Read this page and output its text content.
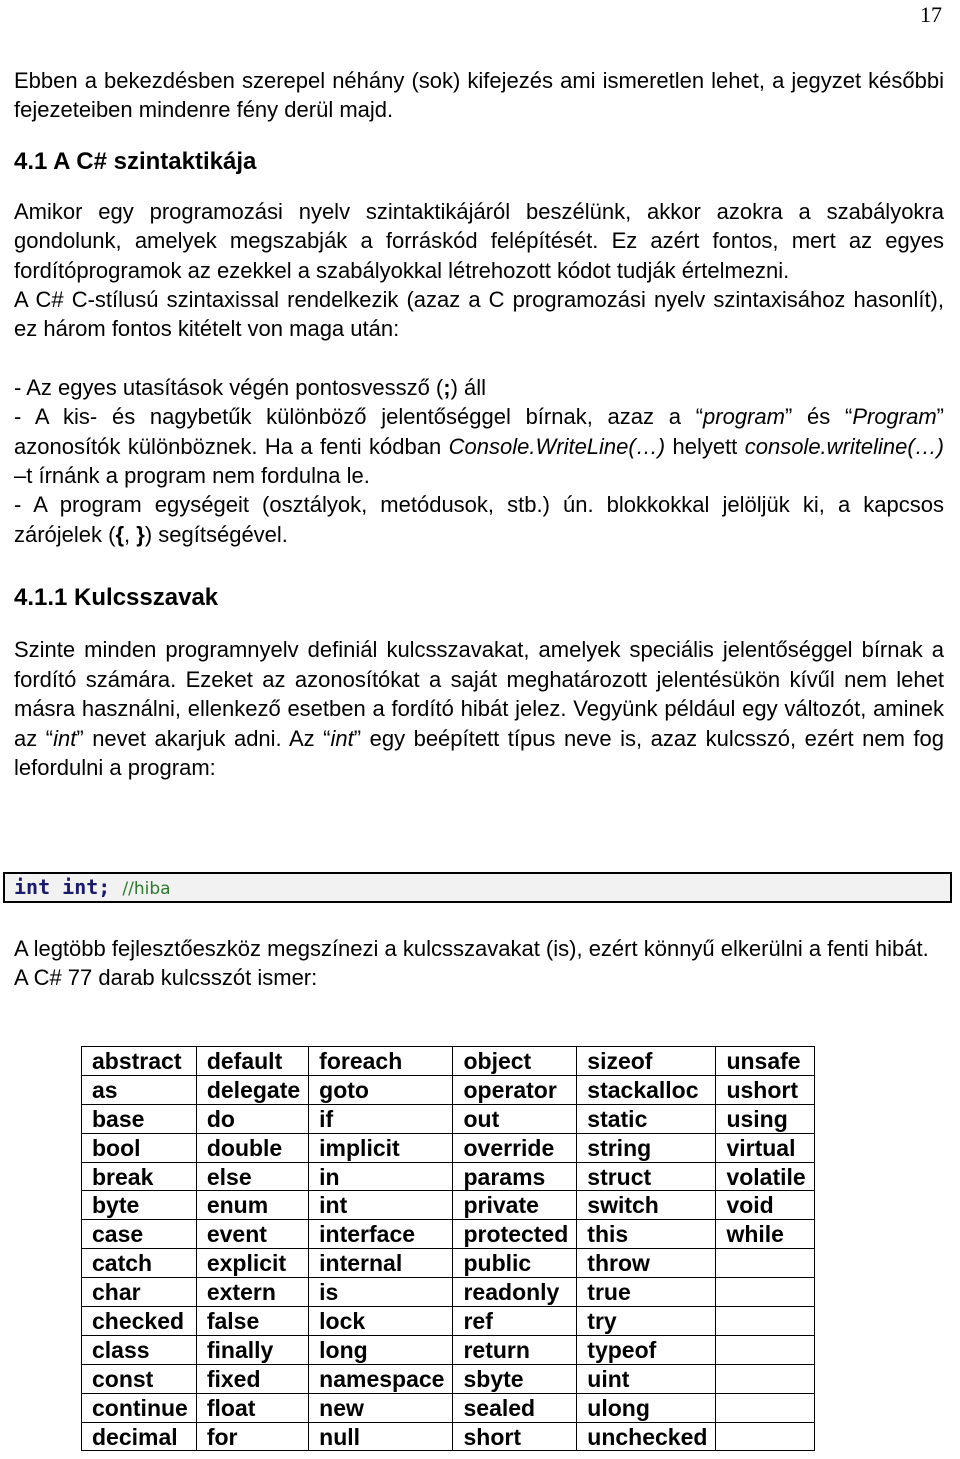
17

Ebben a bekezdésben szerepel néhány (sok) kifejezés ami ismeretlen lehet, a jegyzet későbbi fejezeteiben mindenre fény derül majd.

4.1 A C# szintaktikája

Amikor egy programozási nyelv szintaktikájáról beszélünk, akkor azokra a szabályokra gondolunk, amelyek megszabják a forráskód felépítését. Ez azért fontos, mert az egyes fordítóprogramok az ezekkel a szabályokkal létrehozott kódot tudják értelmezni.

A C# C-stílusú szintaxissal rendelkezik (azaz a C programozási nyelv szintaxisához hasonlít), ez három fontos kitételt von maga után:

- Az egyes utasítások végén pontosvessző (;) áll

- A kis- és nagybetűk különböző jelentőséggel bírnak, azaz a “program” és “Program” azonosítók különböznek. Ha a fenti kódban Console.WriteLine(…) helyett console.writeline(…) –t írnánk a program nem fordulna le.

- A program egységeit (osztályok, metódusok, stb.) ún. blokkokkal jelöljük ki, a kapcsos zárójelek ({, }) segítségével.

4.1.1 Kulcsszavak

Szinte minden programnyelv definiál kulcsszavakat, amelyek speciális jelentőséggel bírnak a fordító számára. Ezeket az azonosítókat a saját meghatározott jelentésükön kívűl nem lehet másra használni, ellenkező esetben a fordító hibát jelez. Vegyünk például egy változót, aminek az “int” nevet akarjuk adni. Az “int” egy beépített típus neve is, azaz kulcsszó, ezért nem fog lefordulni a program:

int int; //hiba

A legtöbb fejlesztőeszköz megszínezi a kulcsszavakat (is), ezért könnyű elkerülni a fenti hibát.

A C# 77 darab kulcsszót ismer:

abstract	default	foreach	object	sizeof	unsafe
as	delegate	goto	operator	stackalloc	ushort
base	do	if	out	static	using
bool	double	implicit	override	string	virtual
break	else	in	params	struct	volatile
byte	enum	int	private	switch	void
case	event	interface	protected	this	while
catch	explicit	internal	public	throw	
char	extern	is	readonly	true	
checked	false	lock	ref	try	
class	finally	long	return	typeof	
const	fixed	namespace	sbyte	uint	
continue	float	new	sealed	ulong	
decimal	for	null	short	unchecked	
